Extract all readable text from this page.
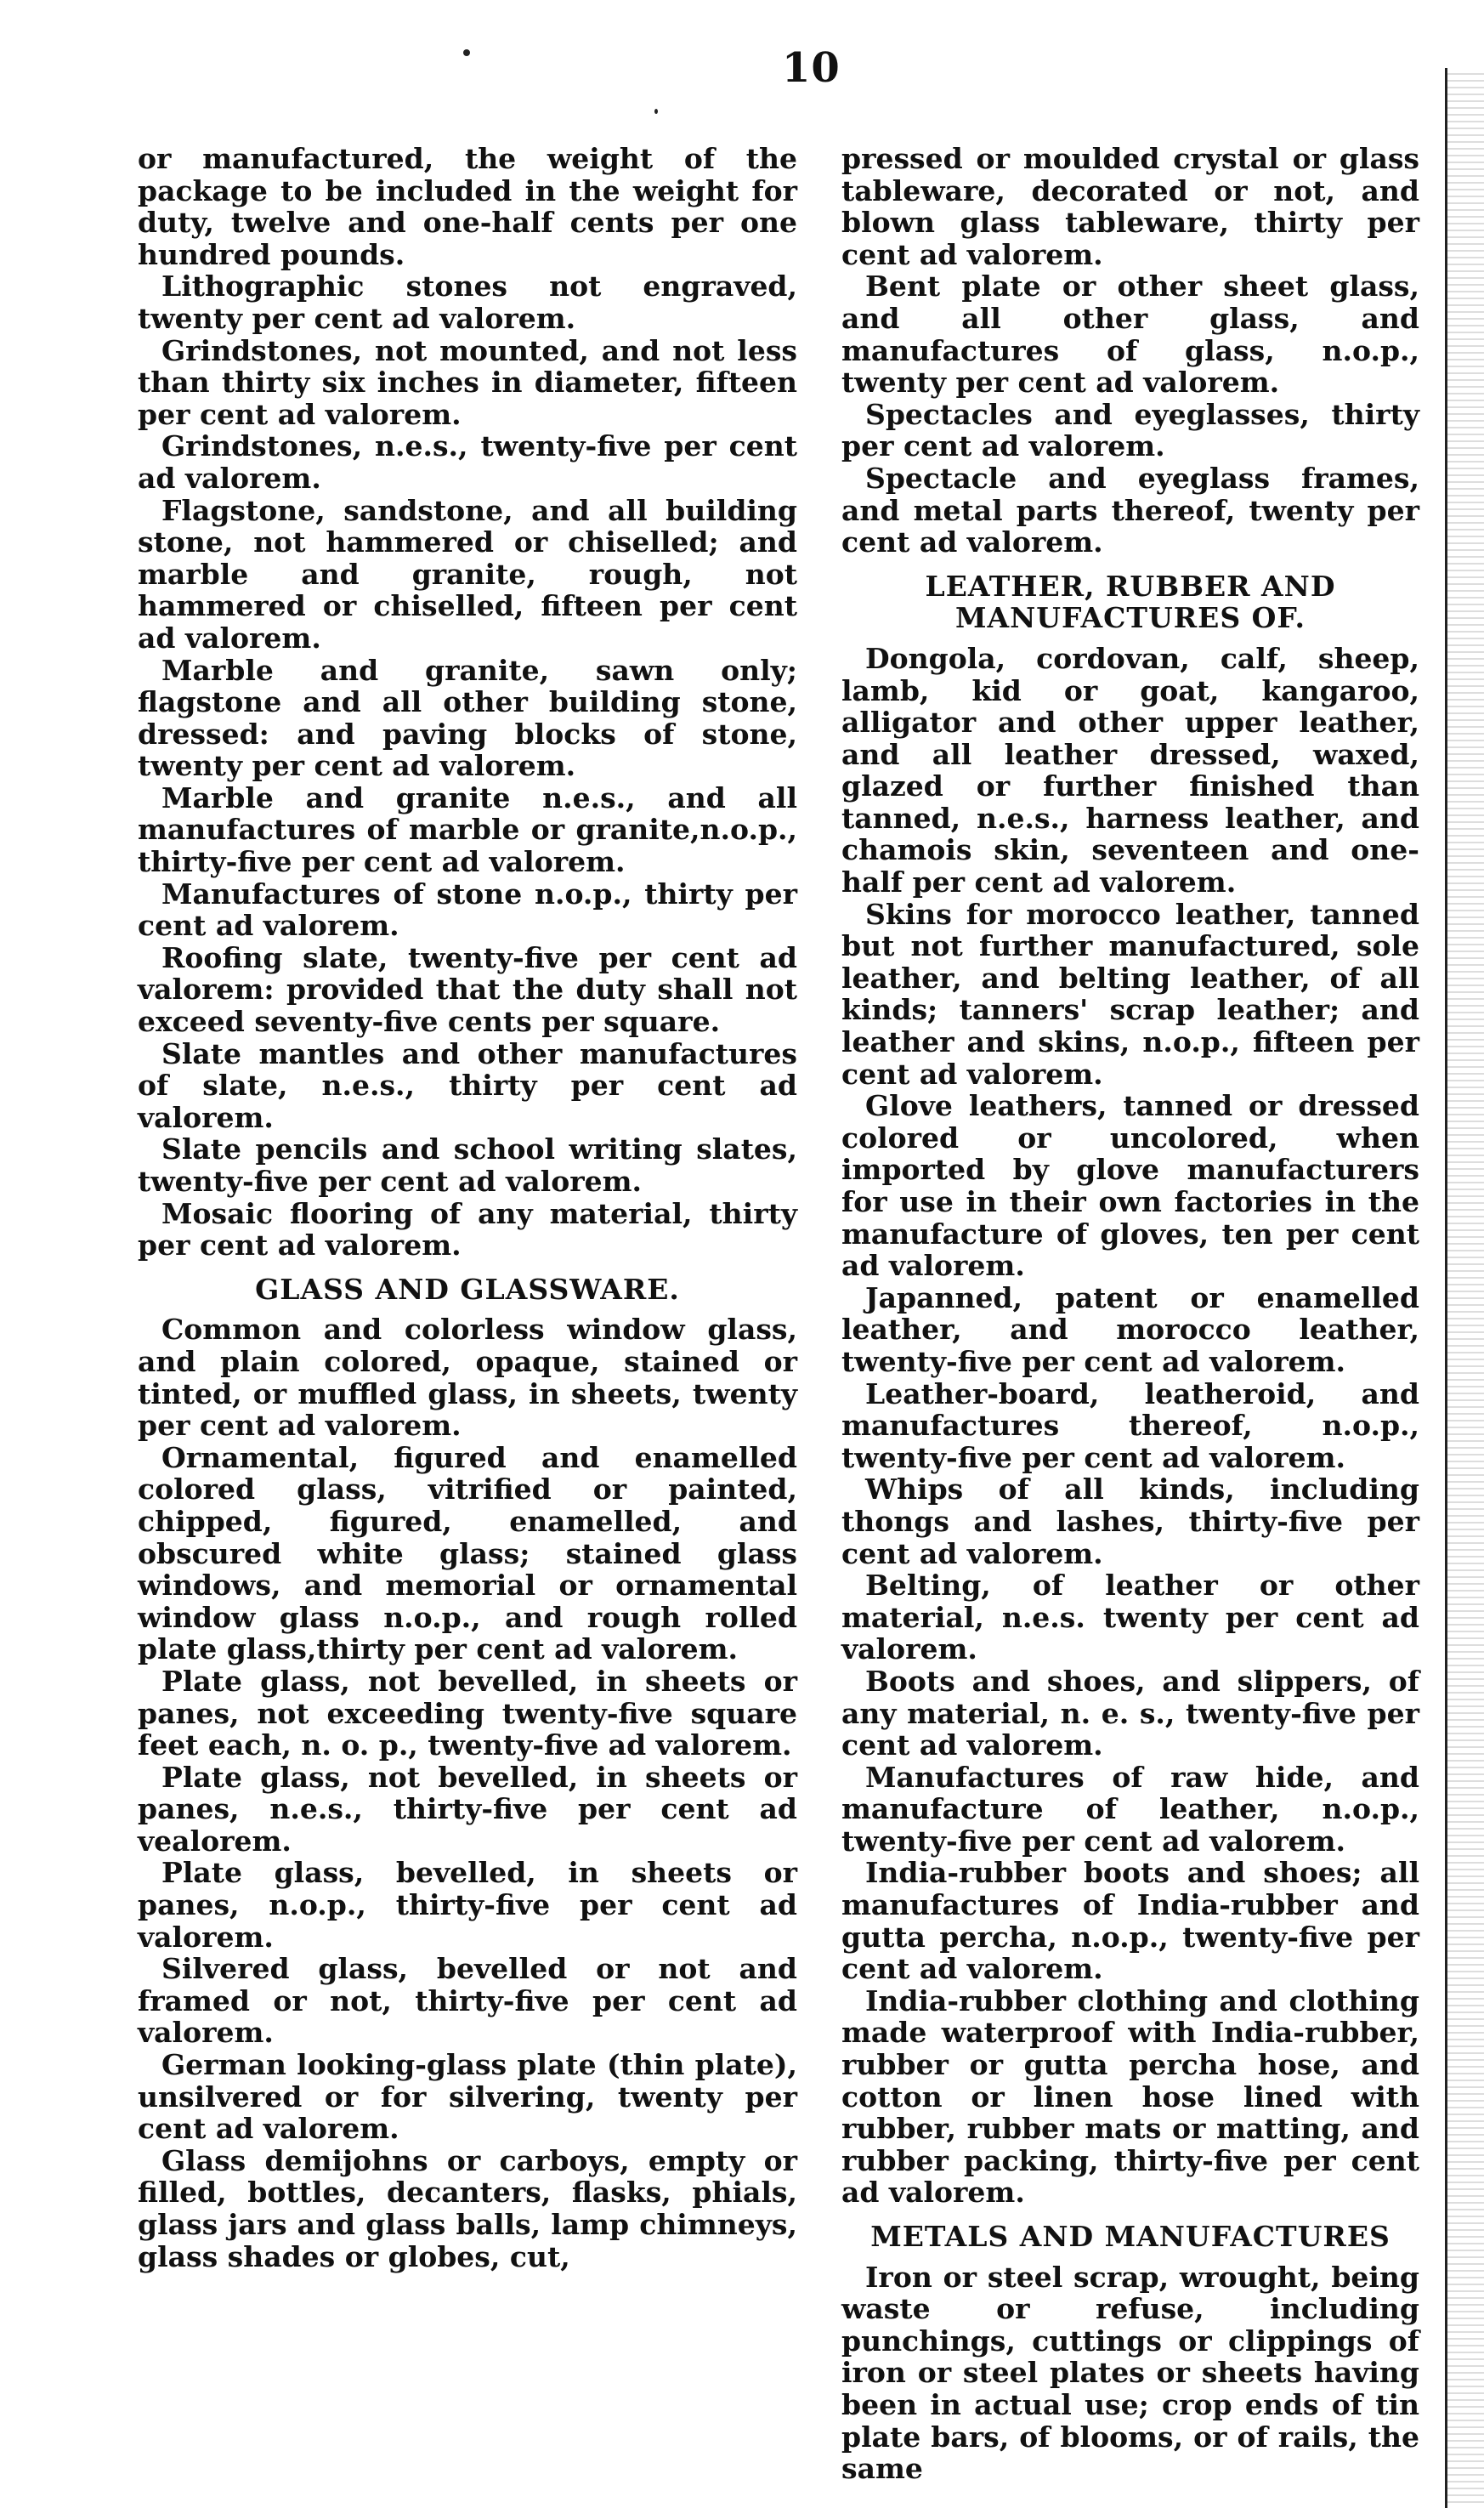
10

or manufactured, the weight of the package to be included in the weight for duty, twelve and one-half cents per one hundred pounds.

Lithographic stones not engraved, twenty per cent ad valorem.

Grindstones, not mounted, and not less than thirty six inches in diameter, fifteen per cent ad valorem.

Grindstones, n.e.s., twenty-five per cent ad valorem.

Flagstone, sandstone, and all building stone, not hammered or chiselled; and marble and granite, rough, not hammered or chiselled, fifteen per cent ad valorem.

Marble and granite, sawn only; flagstone and all other building stone, dressed: and paving blocks of stone, twenty per cent ad valorem.

Marble and granite n.e.s., and all manufactures of marble or granite,n.o.p., thirty-five per cent ad valorem.

Manufactures of stone n.o.p., thirty per cent ad valorem.

Roofing slate, twenty-five per cent ad valorem: provided that the duty shall not exceed seventy-five cents per square.

Slate mantles and other manufactures of slate, n.e.s., thirty per cent ad valorem.

Slate pencils and school writing slates, twenty-five per cent ad valorem.

Mosaic flooring of any material, thirty per cent ad valorem.

GLASS AND GLASSWARE.

Common and colorless window glass, and plain colored, opaque, stained or tinted, or muffled glass, in sheets, twenty per cent ad valorem.

Ornamental, figured and enamelled colored glass, vitrified or painted, chipped, figured, enamelled, and obscured white glass; stained glass windows, and memorial or ornamental window glass n.o.p., and rough rolled plate glass,thirty per cent ad valorem.

Plate glass, not bevelled, in sheets or panes, not exceeding twenty-five square feet each, n. o. p., twenty-five ad valorem.

Plate glass, not bevelled, in sheets or panes, n.e.s., thirty-five per cent ad vealorem.

Plate glass, bevelled, in sheets or panes, n.o.p., thirty-five per cent ad valorem.

Silvered glass, bevelled or not and framed or not, thirty-five per cent ad valorem.

German looking-glass plate (thin plate), unsilvered or for silvering, twenty per cent ad valorem.

Glass demijohns or carboys, empty or filled, bottles, decanters, flasks, phials, glass jars and glass balls, lamp chimneys, glass shades or globes, cut,

pressed or moulded crystal or glass tableware, decorated or not, and blown glass tableware, thirty per cent ad valorem.

Bent plate or other sheet glass, and all other glass, and manufactures of glass, n.o.p., twenty per cent ad valorem.

Spectacles and eyeglasses, thirty per cent ad valorem.

Spectacle and eyeglass frames, and metal parts thereof, twenty per cent ad valorem.

LEATHER, RUBBER AND MANUFACTURES OF.

Dongola, cordovan, calf, sheep, lamb, kid or goat, kangaroo, alligator and other upper leather, and all leather dressed, waxed, glazed or further finished than tanned, n.e.s., harness leather, and chamois skin, seventeen and one-half per cent ad valorem.

Skins for morocco leather, tanned but not further manufactured, sole leather, and belting leather, of all kinds; tanners' scrap leather; and leather and skins, n.o.p., fifteen per cent ad valorem.

Glove leathers, tanned or dressed colored or uncolored, when imported by glove manufacturers for use in their own factories in the manufacture of gloves, ten per cent ad valorem.

Japanned, patent or enamelled leather, and morocco leather, twenty-five per cent ad valorem.

Leather-board, leatheroid, and manufactures thereof, n.o.p., twenty-five per cent ad valorem.

Whips of all kinds, including thongs and lashes, thirty-five per cent ad valorem.

Belting, of leather or other material, n.e.s. twenty per cent ad valorem.

Boots and shoes, and slippers, of any material, n. e. s., twenty-five per cent ad valorem.

Manufactures of raw hide, and manufacture of leather, n.o.p., twenty-five per cent ad valorem.

India-rubber boots and shoes; all manufactures of India-rubber and gutta percha, n.o.p., twenty-five per cent ad valorem.

India-rubber clothing and clothing made waterproof with India-rubber, rubber or gutta percha hose, and cotton or linen hose lined with rubber, rubber mats or matting, and rubber packing, thirty-five per cent ad valorem.

METALS AND MANUFACTURES

Iron or steel scrap, wrought, being waste or refuse, including punchings, cuttings or clippings of iron or steel plates or sheets having been in actual use; crop ends of tin plate bars, of blooms, or of rails, the same
